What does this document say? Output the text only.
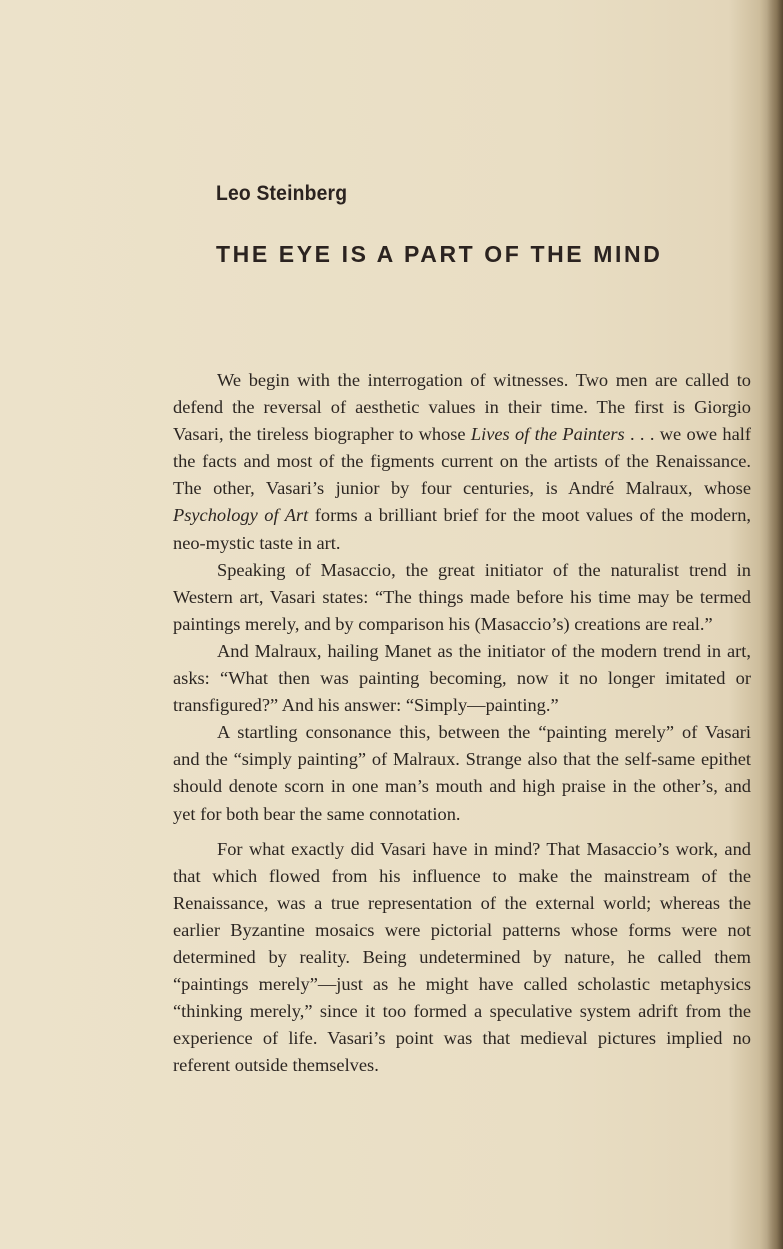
Leo Steinberg
THE EYE IS A PART OF THE MIND

We begin with the interrogation of witnesses. Two men are called to defend the reversal of aesthetic values in their time. The first is Giorgio Vasari, the tireless biographer to whose Lives of the Painters . . . we owe half the facts and most of the figments current on the artists of the Renaissance. The other, Vasari’s junior by four centuries, is André Malraux, whose Psychology of Art forms a brilliant brief for the moot values of the modern, neo-mystic taste in art.

Speaking of Masaccio, the great initiator of the naturalist trend in Western art, Vasari states: “The things made before his time may be termed paintings merely, and by comparison his (Masaccio’s) creations are real.”

And Malraux, hailing Manet as the initiator of the modern trend in art, asks: “What then was painting becoming, now it no longer imitated or transfigured?” And his answer: “Simply—painting.”

A startling consonance this, between the “painting merely” of Vasari and the “simply painting” of Malraux. Strange also that the self-same epithet should denote scorn in one man’s mouth and high praise in the other’s, and yet for both bear the same connotation.

For what exactly did Vasari have in mind? That Masaccio’s work, and that which flowed from his influence to make the mainstream of the Renaissance, was a true representation of the external world; whereas the earlier Byzantine mosaics were pictorial patterns whose forms were not determined by reality. Being undetermined by nature, he called them “paintings merely”—just as he might have called scholastic metaphysics “thinking merely,” since it too formed a speculative system adrift from the experience of life. Vasari’s point was that medieval pictures implied no referent outside themselves.
